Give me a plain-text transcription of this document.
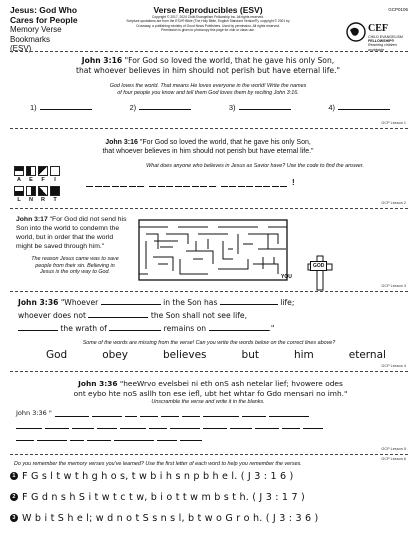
Jesus: God Who
Cares for People
Memory Verse Bookmarks
(ESV)
Verse Reproducibles (ESV)
Copyright © 2017, 2024 Child Evangelism Fellowship Inc. All rights reserved.
Scripture quotations are from the ESV® Bible (The Holy Bible, English Standard Version®), copyright © 2001 by
Crossway, a publishing ministry of Good News Publishers. Used by permission. All rights reserved.
Permission is given to photocopy this page for club or class use.
GCP0106
CEF
CHILD EVANGELISM
FELLOWSHIP®
Reaching children worldwide
John 3:16 "For God so loved the world, that he gave his only Son,
that whoever believes in him should not perish but have eternal life."
God loves the world. That means He loves everyone in the world! Write the names
of four people you know and tell them God loves them by reciting John 3:16.
1)	2)	3)	4)
GCP Lesson 1
John 3:16 "For God so loved the world, that he gave his only Son,
that whoever believes in him should not perish but have eternal life."
A	E	F	I
L	N	R	T
What does anyone who believes in Jesus as Savior have? Use the code to find the answer.
!
GCP Lesson 2
John 3:17 "For God did not send his
Son into the world to condemn the
world, but in order that the world
might be saved through him."
The reason Jesus came was to save
people from their sin. Believing in
Jesus is the only way to God.
YOU
GOD
GCP Lesson 3
John 3:36 "Whoever	in the Son has	life;
whoever does not	the Son shall not see life,
the wrath of	remains on	."
Some of the words are missing from the verse! Can you write the words below on the correct lines above?
God	obey	believes	but	him	eternal
GCP Lesson 4
John 3:36 "heeWrvo evelsbei ni eth onS ash netelar lief; hvowere odes
ont eybo hte noS asllh ton ese iefl, ubt het whtar fo Gdo mensari no imh."
Unscramble the verse and write it in the blanks.
John 3:36 "
GCP Lesson 5
GCP Lesson 6
Do you remember the memory verses you've learned? Use the first letter of each word to help you remember the verses.
1 F G s l t w t h g h o s, t w b i h s n p b h e l. ( J 3 : 1 6 )
2 F G d n s h S i t w t c t w, b i o t t w m b s t h. ( J 3 : 1 7 )
3 W b i t S h e l; w d n o t S s n s l, b t w o G r o h. ( J 3 : 3 6 )
